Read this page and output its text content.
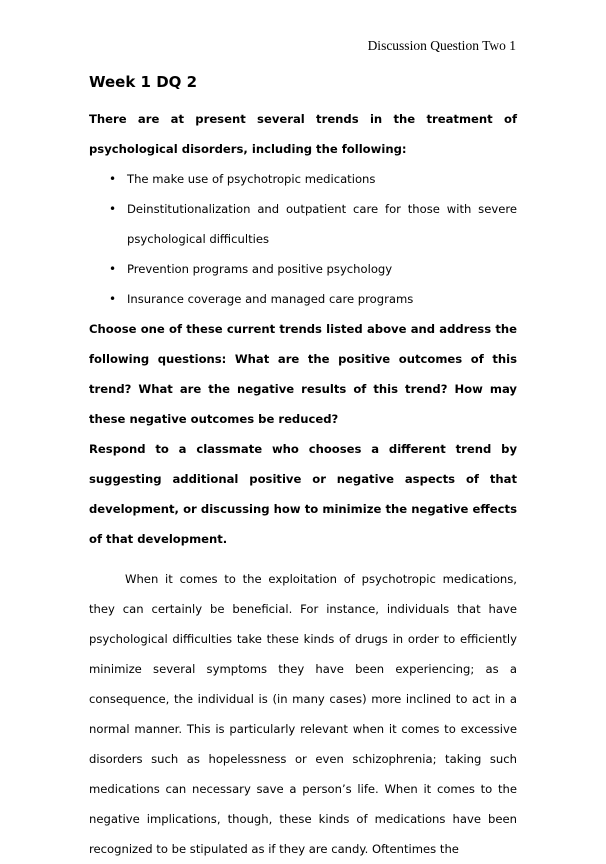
Discussion Question Two 1
Week 1 DQ 2

There are at present several trends in the treatment of psychological disorders, including the following:

• The make use of psychotropic medications
• Deinstitutionalization and outpatient care for those with severe psychological difficulties
• Prevention programs and positive psychology
• Insurance coverage and managed care programs

Choose one of these current trends listed above and address the following questions: What are the positive outcomes of this trend? What are the negative results of this trend? How may these negative outcomes be reduced?

Respond to a classmate who chooses a different trend by suggesting additional positive or negative aspects of that development, or discussing how to minimize the negative effects of that development.

When it comes to the exploitation of psychotropic medications, they can certainly be beneficial. For instance, individuals that have psychological difficulties take these kinds of drugs in order to efficiently minimize several symptoms they have been experiencing; as a consequence, the individual is (in many cases) more inclined to act in a normal manner. This is particularly relevant when it comes to excessive disorders such as hopelessness or even schizophrenia; taking such medications can necessary save a person’s life. When it comes to the negative implications, though, these kinds of medications have been recognized to be stipulated as if they are candy. Oftentimes the
